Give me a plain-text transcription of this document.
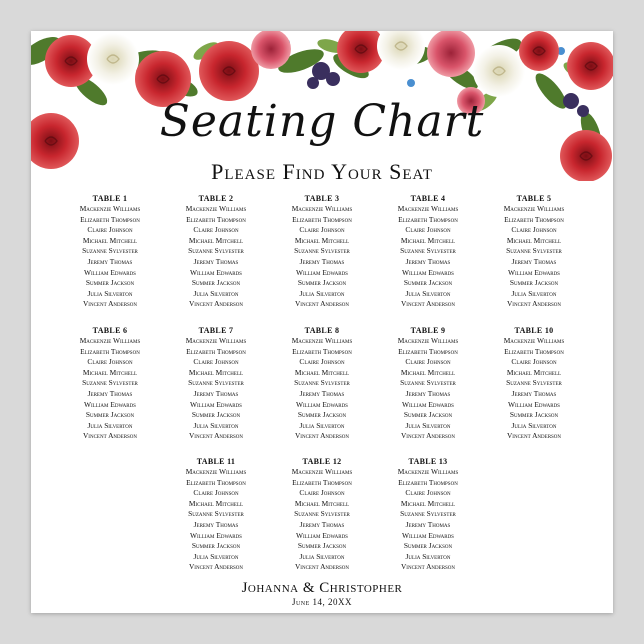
Seating Chart
Please Find Your Seat
TABLE 1
Mackenzie Williams
Elizabeth Thompson
Claire Johnson
Michael Mitchell
Suzanne Sylvester
Jeremy Thomas
William Edwards
Summer Jackson
Julia Silverton
Vincent Anderson
TABLE 2
Mackenzie Williams
Elizabeth Thompson
Claire Johnson
Michael Mitchell
Suzanne Sylvester
Jeremy Thomas
William Edwards
Summer Jackson
Julia Silverton
Vincent Anderson
TABLE 3
Mackenzie Williams
Elizabeth Thompson
Claire Johnson
Michael Mitchell
Suzanne Sylvester
Jeremy Thomas
William Edwards
Summer Jackson
Julia Silverton
Vincent Anderson
TABLE 4
Mackenzie Williams
Elizabeth Thompson
Claire Johnson
Michael Mitchell
Suzanne Sylvester
Jeremy Thomas
William Edwards
Summer Jackson
Julia Silverton
Vincent Anderson
TABLE 5
Mackenzie Williams
Elizabeth Thompson
Claire Johnson
Michael Mitchell
Suzanne Sylvester
Jeremy Thomas
William Edwards
Summer Jackson
Julia Silverton
Vincent Anderson
TABLE 6
Mackenzie Williams
Elizabeth Thompson
Claire Johnson
Michael Mitchell
Suzanne Sylvester
Jeremy Thomas
William Edwards
Summer Jackson
Julia Silverton
Vincent Anderson
TABLE 7
Mackenzie Williams
Elizabeth Thompson
Claire Johnson
Michael Mitchell
Suzanne Sylvester
Jeremy Thomas
William Edwards
Summer Jackson
Julia Silverton
Vincent Anderson
TABLE 8
Mackenzie Williams
Elizabeth Thompson
Claire Johnson
Michael Mitchell
Suzanne Sylvester
Jeremy Thomas
William Edwards
Summer Jackson
Julia Silverton
Vincent Anderson
TABLE 9
Mackenzie Williams
Elizabeth Thompson
Claire Johnson
Michael Mitchell
Suzanne Sylvester
Jeremy Thomas
William Edwards
Summer Jackson
Julia Silverton
Vincent Anderson
TABLE 10
Mackenzie Williams
Elizabeth Thompson
Claire Johnson
Michael Mitchell
Suzanne Sylvester
Jeremy Thomas
William Edwards
Summer Jackson
Julia Silverton
Vincent Anderson
TABLE 11
Mackenzie Williams
Elizabeth Thompson
Claire Johnson
Michael Mitchell
Suzanne Sylvester
Jeremy Thomas
William Edwards
Summer Jackson
Julia Silverton
Vincent Anderson
TABLE 12
Mackenzie Williams
Elizabeth Thompson
Claire Johnson
Michael Mitchell
Suzanne Sylvester
Jeremy Thomas
William Edwards
Summer Jackson
Julia Silverton
Vincent Anderson
TABLE 13
Mackenzie Williams
Elizabeth Thompson
Claire Johnson
Michael Mitchell
Suzanne Sylvester
Jeremy Thomas
William Edwards
Summer Jackson
Julia Silverton
Vincent Anderson
Johanna & Christopher
June 14, 20XX
